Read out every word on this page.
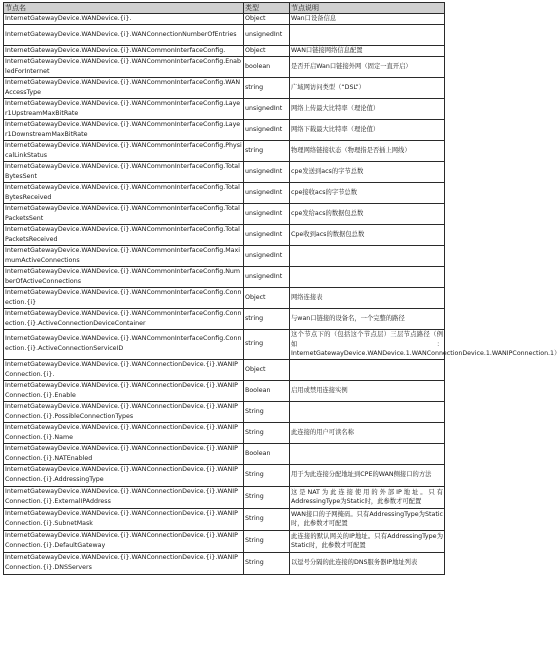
节点名	类型	节点说明
InternetGatewayDevice.WANDevice.{i}.	Object	Wan口设备信息
InternetGatewayDevice.WANDevice.{i}.WANConnectionNumberOfEntries	unsignedInt	
InternetGatewayDevice.WANDevice.{i}.WANCommonInterfaceConfig.	Object	WAN口链接网络信息配置
InternetGatewayDevice.WANDevice.{i}.WANCommonInterfaceConfig.EnabledForInternet	boolean	是否开启Wan口链接外网（固定一直开启）
InternetGatewayDevice.WANDevice.{i}.WANCommonInterfaceConfig.WANAccessType	string	广域网访问类型（“DSL”）
InternetGatewayDevice.WANDevice.{i}.WANCommonInterfaceConfig.Layer1UpstreamMaxBitRate	unsignedInt	网络上传最大比特率（理论值）
InternetGatewayDevice.WANDevice.{i}.WANCommonInterfaceConfig.Layer1DownstreamMaxBitRate	unsignedInt	网络下载最大比特率（理论值）
InternetGatewayDevice.WANDevice.{i}.WANCommonInterfaceConfig.PhysicalLinkStatus	string	物理网络链接状态（物理指是否插上网线）
InternetGatewayDevice.WANDevice.{i}.WANCommonInterfaceConfig.TotalBytesSent	unsignedInt	cpe发送到acs的字节总数
InternetGatewayDevice.WANDevice.{i}.WANCommonInterfaceConfig.TotalBytesReceived	unsignedInt	cpe接收acs的字节总数
InternetGatewayDevice.WANDevice.{i}.WANCommonInterfaceConfig.TotalPacketsSent	unsignedInt	cpe发给acs的数据包总数
InternetGatewayDevice.WANDevice.{i}.WANCommonInterfaceConfig.TotalPacketsReceived	unsignedInt	Cpe收到acs的数据包总数
InternetGatewayDevice.WANDevice.{i}.WANCommonInterfaceConfig.MaximumActiveConnections	unsignedInt	
InternetGatewayDevice.WANDevice.{i}.WANCommonInterfaceConfig.NumberOfActiveConnections	unsignedInt	
InternetGatewayDevice.WANDevice.{i}.WANCommonInterfaceConfig.Connection.{i}	Object	网络连接表
InternetGatewayDevice.WANDevice.{i}.WANCommonInterfaceConfig.Connection.{i}.ActiveConnectionDeviceContainer	string	与wan口链接的设备名，一个完整的路径
InternetGatewayDevice.WANDevice.{i}.WANCommonInterfaceConfig.Connection.{i}.ActiveConnectionServiceID	string	这个节点下的（包括这个节点层）三层节点路径（例如：InternetGatewayDevice.WANDevice.1.WANConnectionDevice.1.WANIPConnection.1）
InternetGatewayDevice.WANDevice.{i}.WANConnectionDevice.{i}.WANIPConnection.{i}.	Object	
InternetGatewayDevice.WANDevice.{i}.WANConnectionDevice.{i}.WANIPConnection.{i}.Enable	Boolean	启用或禁用连接实例
InternetGatewayDevice.WANDevice.{i}.WANConnectionDevice.{i}.WANIPConnection.{i}.PossibleConnectionTypes	String	
InternetGatewayDevice.WANDevice.{i}.WANConnectionDevice.{i}.WANIPConnection.{i}.Name	String	此连接的用户可读名称
InternetGatewayDevice.WANDevice.{i}.WANConnectionDevice.{i}.WANIPConnection.{i}.NATEnabled	Boolean	
InternetGatewayDevice.WANDevice.{i}.WANConnectionDevice.{i}.WANIPConnection.{i}.AddressingType	String	用于为此连接分配地址到CPE的WAN侧接口的方法
InternetGatewayDevice.WANDevice.{i}.WANConnectionDevice.{i}.WANIPConnection.{i}.ExternalIPAddress	String	这是NAT为此连接使用的外部IP地址。只有AddressingType为Static时，此参数才可配置
InternetGatewayDevice.WANDevice.{i}.WANConnectionDevice.{i}.WANIPConnection.{i}.SubnetMask	String	WAN接口的子网掩码。只有AddressingType为Static时，此参数才可配置
InternetGatewayDevice.WANDevice.{i}.WANConnectionDevice.{i}.WANIPConnection.{i}.DefaultGateway	String	此连接的默认网关的IP地址。只有AddressingType为Static时，此参数才可配置
InternetGatewayDevice.WANDevice.{i}.WANConnectionDevice.{i}.WANIPConnection.{i}.DNSServers	String	以逗号分隔的此连接的DNS服务器IP地址列表
